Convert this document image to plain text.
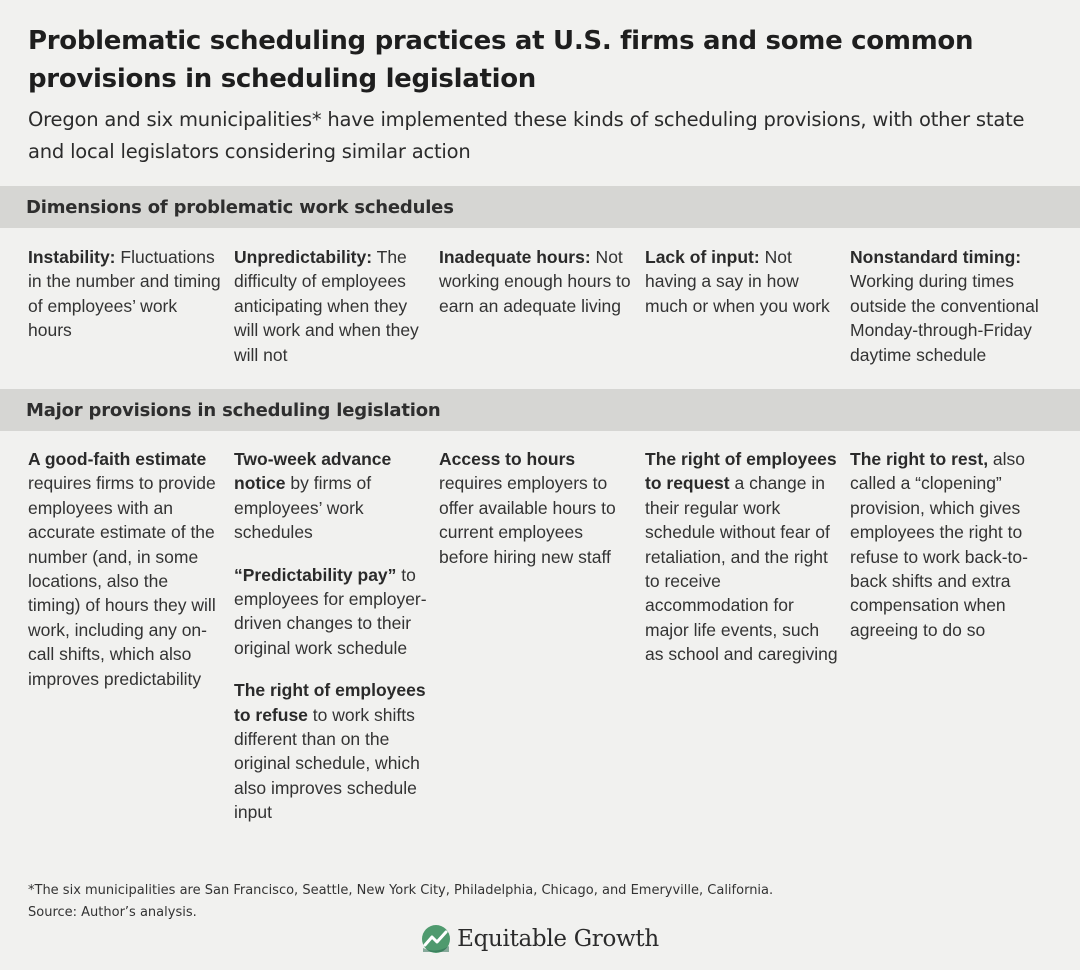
Problematic scheduling practices at U.S. firms and some common provisions in scheduling legislation
Oregon and six municipalities* have implemented these kinds of scheduling provisions, with other state and local legislators considering similar action
Dimensions of problematic work schedules

Instability: Fluctuations in the number and timing of employees’ work hours

Unpredictability: The difficulty of employees anticipating when they will work and when they will not

Inadequate hours: Not working enough hours to earn an adequate living

Lack of input: Not having a say in how much or when you work

Nonstandard timing: Working during times outside the conventional Monday-through-Friday daytime schedule

Major provisions in scheduling legislation

A good-faith estimate requires firms to provide employees with an accurate estimate of the number (and, in some locations, also the timing) of hours they will work, including any on-call shifts, which also improves predictability

Two-week advance notice by firms of employees’ work schedules

“Predictability pay” to employees for employer-driven changes to their original work schedule

The right of employees to refuse to work shifts different than on the original schedule, which also improves schedule input

Access to hours requires employers to offer available hours to current employees before hiring new staff

The right of employees to request a change in their regular work schedule without fear of retaliation, and the right to receive accommodation for major life events, such as school and caregiving

The right to rest, also called a “clopening” provision, which gives employees the right to refuse to work back-to-back shifts and extra compensation when agreeing to do so

*The six municipalities are San Francisco, Seattle, New York City, Philadelphia, Chicago, and Emeryville, California.
Source: Author’s analysis.
Equitable Growth
